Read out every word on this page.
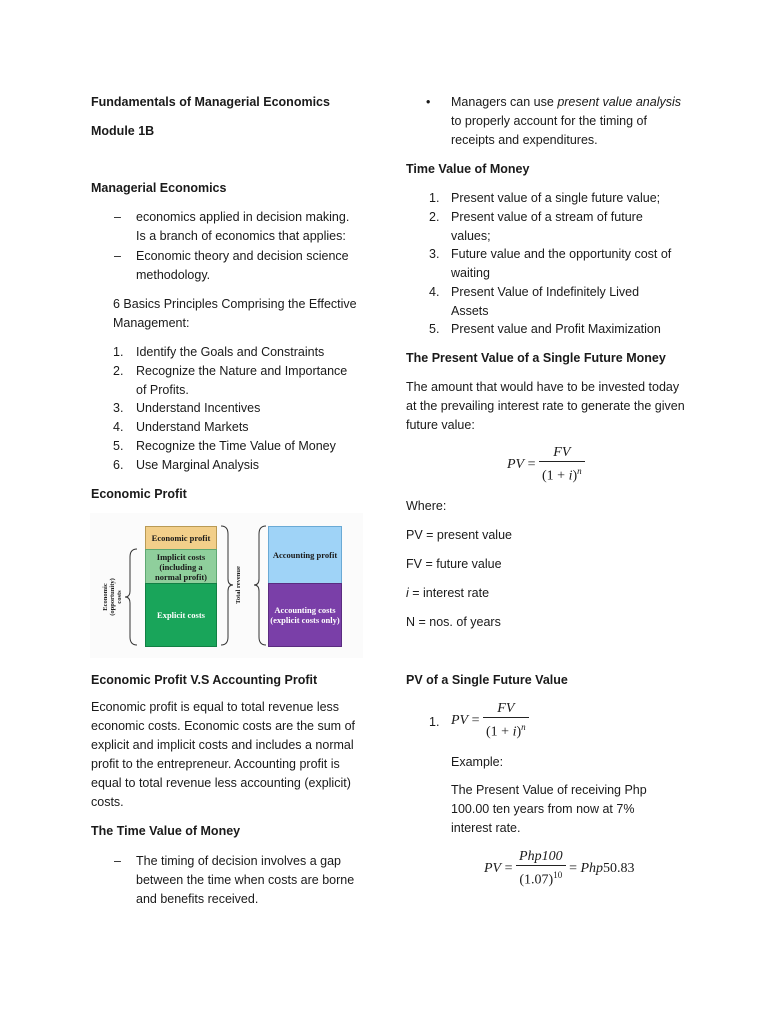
Fundamentals of Managerial Economics
Module 1B
Managerial Economics
– economics applied in decision making. Is a branch of economics that applies:
– Economic theory and decision science methodology.
6 Basics Principles Comprising the Effective Management:
1. Identify the Goals and Constraints
2. Recognize the Nature and Importance of Profits.
3. Understand Incentives
4. Understand Markets
5. Recognize the Time Value of Money
6. Use Marginal Analysis
Economic Profit
Economic profit
Implicit costs (including a normal profit)
Explicit costs
Economic (opportunity) costs	Total revenue
Accounting profit
Accounting costs (explicit costs only)
Economic Profit V.S Accounting Profit
Economic profit is equal to total revenue less economic costs. Economic costs are the sum of explicit and implicit costs and includes a normal profit to the entrepreneur. Accounting profit is equal to total revenue less accounting (explicit) costs.
The Time Value of Money
– The timing of decision involves a gap between the time when costs are borne and benefits received.
• Managers can use present value analysis to properly account for the timing of receipts and expenditures.
Time Value of Money
1. Present value of a single future value;
2. Present value of a stream of future values;
3. Future value and the opportunity cost of waiting
4. Present Value of Indefinitely Lived Assets
5. Present value and Profit Maximization
The Present Value of a Single Future Money
The amount that would have to be invested today at the prevailing interest rate to generate the given future value:
PV = $\frac{FV}{(1 + i)^n}$
Where:
PV = present value
FV = future value
i = interest rate
N = nos. of years
PV of a Single Future Value
1. PV = $\frac{FV}{(1 + i)^n}$
Example:
The Present Value of receiving Php 100.00 ten years from now at 7% interest rate.
PV = $\frac{\text{Php100}}{(1.07)^{10}} = Php50.83$
